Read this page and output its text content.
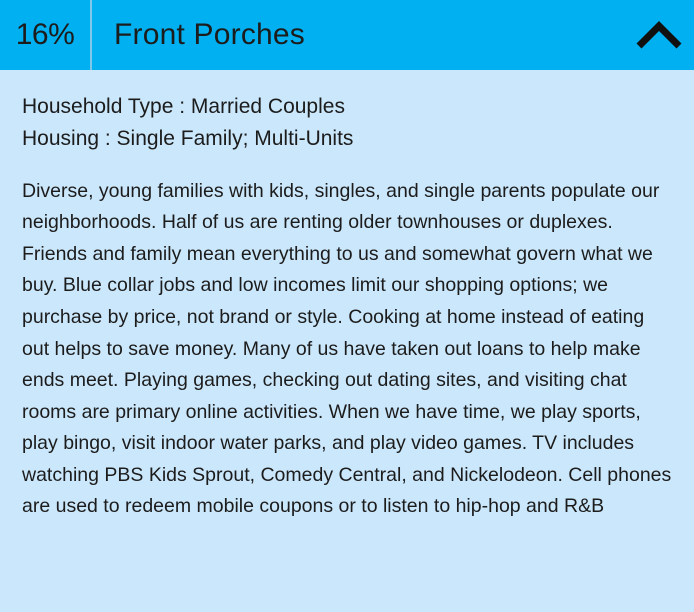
16%	Front Porches

Household Type : Married Couples

Housing : Single Family; Multi-Units

Diverse, young families with kids, singles, and single parents populate our neighborhoods. Half of us are renting older townhouses or duplexes. Friends and family mean everything to us and somewhat govern what we buy. Blue collar jobs and low incomes limit our shopping options; we purchase by price, not brand or style. Cooking at home instead of eating out helps to save money. Many of us have taken out loans to help make ends meet. Playing games, checking out dating sites, and visiting chat rooms are primary online activities. When we have time, we play sports, play bingo, visit indoor water parks, and play video games. TV includes watching PBS Kids Sprout, Comedy Central, and Nickelodeon. Cell phones are used to redeem mobile coupons or to listen to hip-hop and R&B
